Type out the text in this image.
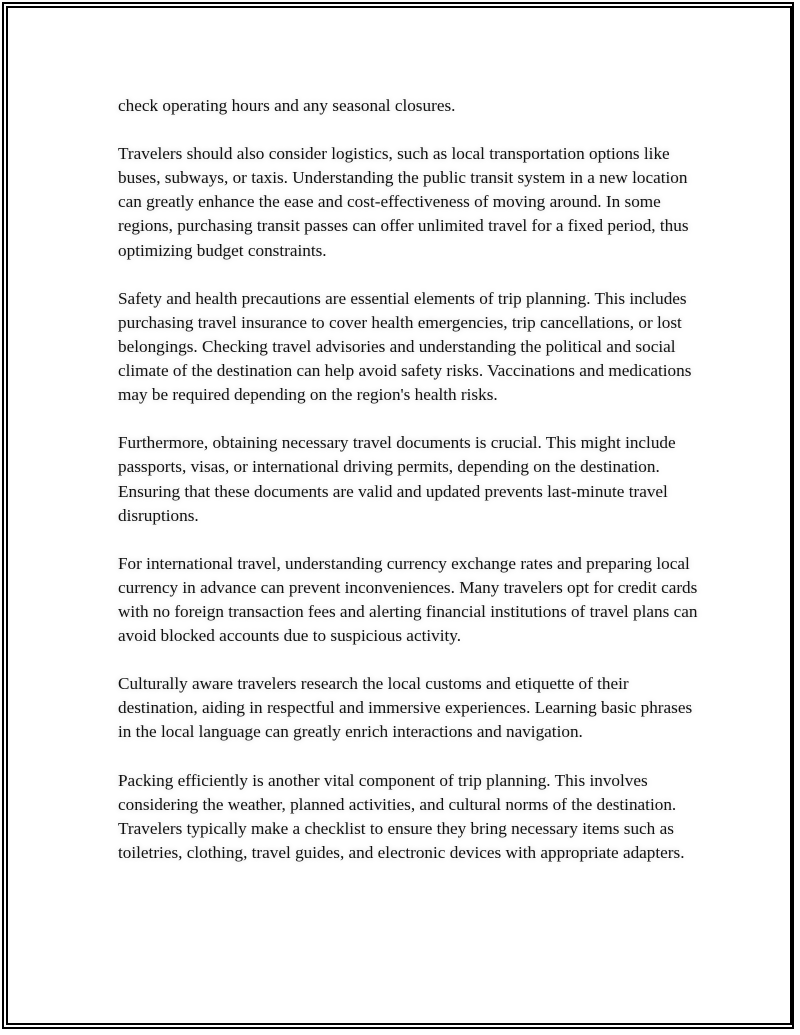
check operating hours and any seasonal closures.

Travelers should also consider logistics, such as local transportation options like buses, subways, or taxis. Understanding the public transit system in a new location can greatly enhance the ease and cost-effectiveness of moving around. In some regions, purchasing transit passes can offer unlimited travel for a fixed period, thus optimizing budget constraints.

Safety and health precautions are essential elements of trip planning. This includes purchasing travel insurance to cover health emergencies, trip cancellations, or lost belongings. Checking travel advisories and understanding the political and social climate of the destination can help avoid safety risks. Vaccinations and medications may be required depending on the region's health risks.

Furthermore, obtaining necessary travel documents is crucial. This might include passports, visas, or international driving permits, depending on the destination. Ensuring that these documents are valid and updated prevents last-minute travel disruptions.

For international travel, understanding currency exchange rates and preparing local currency in advance can prevent inconveniences. Many travelers opt for credit cards with no foreign transaction fees and alerting financial institutions of travel plans can avoid blocked accounts due to suspicious activity.

Culturally aware travelers research the local customs and etiquette of their destination, aiding in respectful and immersive experiences. Learning basic phrases in the local language can greatly enrich interactions and navigation.

Packing efficiently is another vital component of trip planning. This involves considering the weather, planned activities, and cultural norms of the destination. Travelers typically make a checklist to ensure they bring necessary items such as toiletries, clothing, travel guides, and electronic devices with appropriate adapters.
